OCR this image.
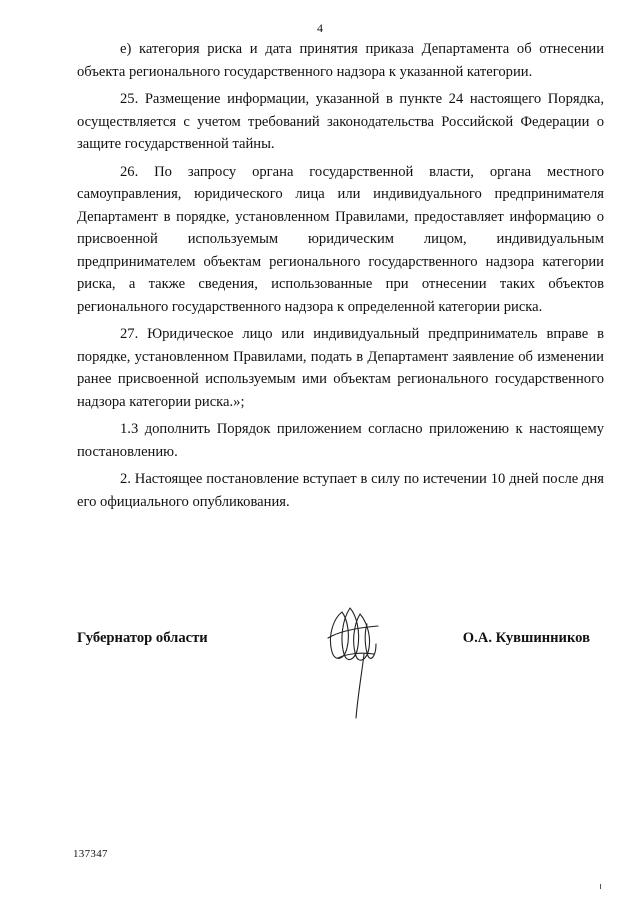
4

е) категория риска и дата принятия приказа Департамента об отнесении объекта регионального государственного надзора к указанной категории.

25. Размещение информации, указанной в пункте 24 настоящего Порядка, осуществляется с учетом требований законодательства Российской Федерации о защите государственной тайны.

26. По запросу органа государственной власти, органа местного самоуправления, юридического лица или индивидуального предпринимателя Департамент в порядке, установленном Правилами, предоставляет информацию о присвоенной используемым юридическим лицом, индивидуальным предпринимателем объектам регионального государственного надзора категории риска, а также сведения, использованные при отнесении таких объектов регионального государственного надзора к определенной категории риска.

27. Юридическое лицо или индивидуальный предприниматель вправе в порядке, установленном Правилами, подать в Департамент заявление об изменении ранее присвоенной используемым ими объектам регионального государственного надзора категории риска.»;

1.3 дополнить Порядок приложением согласно приложению к настоящему постановлению.

2. Настоящее постановление вступает в силу по истечении 10 дней после дня его официального опубликования.

Губернатор области	О.А. Кувшинников
137347
